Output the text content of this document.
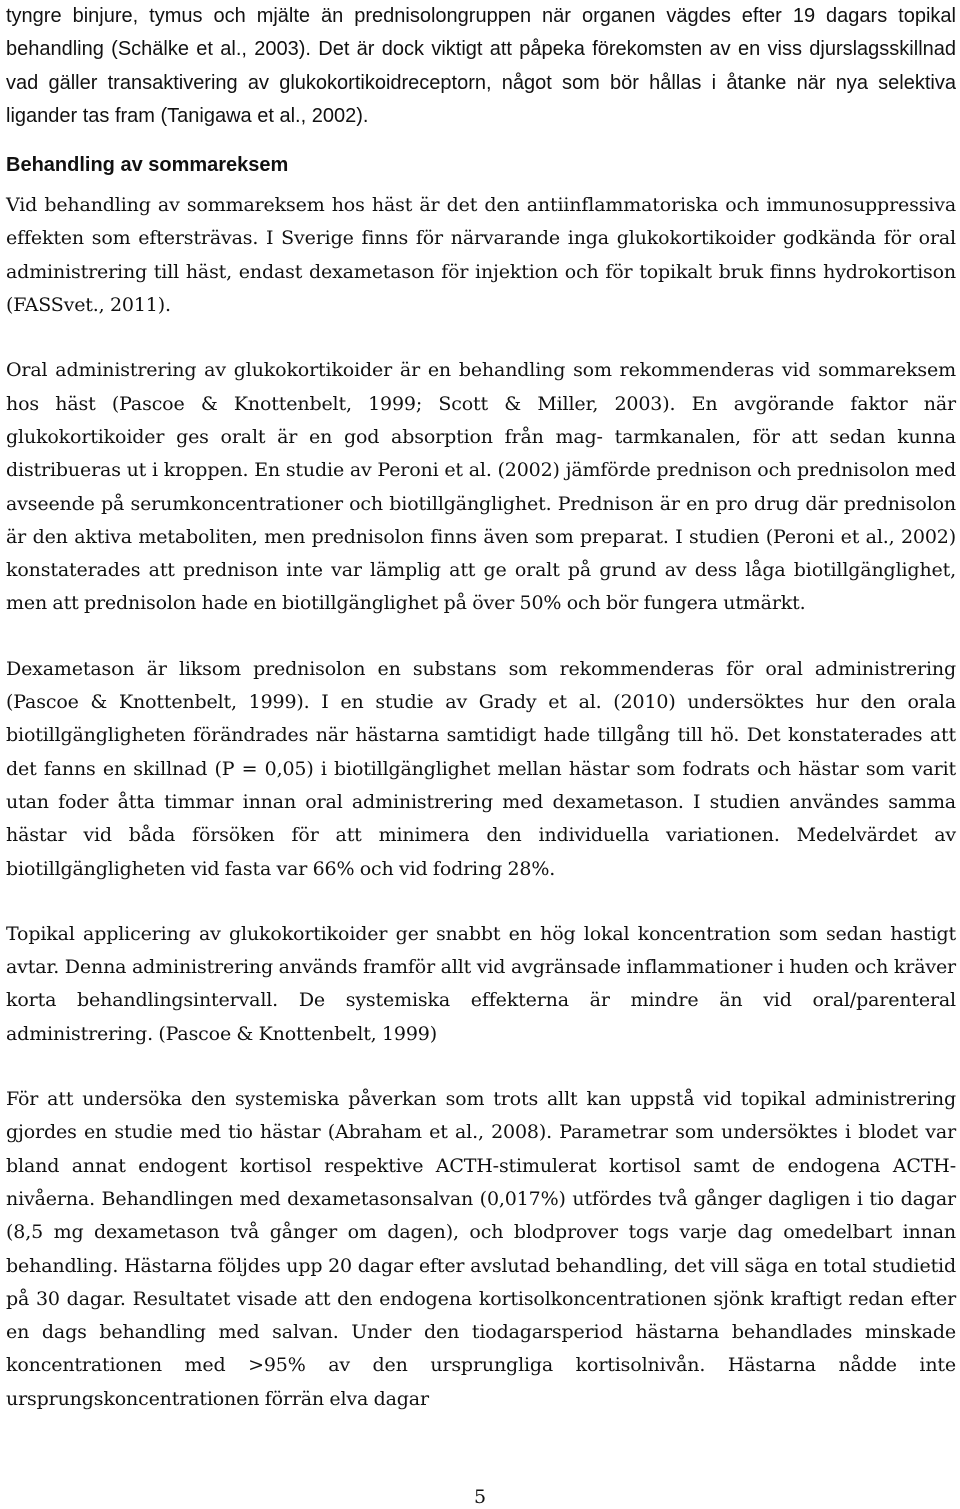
tyngre binjure, tymus och mjälte än prednisolongruppen när organen vägdes efter 19 dagars topikal behandling (Schälke et al., 2003). Det är dock viktigt att påpeka förekomsten av en viss djurslagsskillnad vad gäller transaktivering av glukokortikoidreceptorn, något som bör hållas i åtanke när nya selektiva ligander tas fram (Tanigawa et al., 2002).

Behandling av sommareksem

Vid behandling av sommareksem hos häst är det den antiinflammatoriska och immunosuppressiva effekten som eftersträvas. I Sverige finns för närvarande inga glukokortikoider godkända för oral administrering till häst, endast dexametason för injektion och för topikalt bruk finns hydrokortison (FASSvet., 2011).

Oral administrering av glukokortikoider är en behandling som rekommenderas vid sommareksem hos häst (Pascoe & Knottenbelt, 1999; Scott & Miller, 2003). En avgörande faktor när glukokortikoider ges oralt är en god absorption från mag- tarmkanalen, för att sedan kunna distribueras ut i kroppen. En studie av Peroni et al. (2002) jämförde prednison och prednisolon med avseende på serumkoncentrationer och biotillgänglighet. Prednison är en pro drug där prednisolon är den aktiva metaboliten, men prednisolon finns även som preparat. I studien (Peroni et al., 2002) konstaterades att prednison inte var lämplig att ge oralt på grund av dess låga biotillgänglighet, men att prednisolon hade en biotillgänglighet på över 50% och bör fungera utmärkt.

Dexametason är liksom prednisolon en substans som rekommenderas för oral administrering (Pascoe & Knottenbelt, 1999). I en studie av Grady et al. (2010) undersöktes hur den orala biotillgängligheten förändrades när hästarna samtidigt hade tillgång till hö. Det konstaterades att det fanns en skillnad (P = 0,05) i biotillgänglighet mellan hästar som fodrats och hästar som varit utan foder åtta timmar innan oral administrering med dexametason. I studien användes samma hästar vid båda försöken för att minimera den individuella variationen. Medelvärdet av biotillgängligheten vid fasta var 66% och vid fodring 28%.

Topikal applicering av glukokortikoider ger snabbt en hög lokal koncentration som sedan hastigt avtar. Denna administrering används framför allt vid avgränsade inflammationer i huden och kräver korta behandlingsintervall. De systemiska effekterna är mindre än vid oral/parenteral administrering. (Pascoe & Knottenbelt, 1999)

För att undersöka den systemiska påverkan som trots allt kan uppstå vid topikal administrering gjordes en studie med tio hästar (Abraham et al., 2008). Parametrar som undersöktes i blodet var bland annat endogent kortisol respektive ACTH-stimulerat kortisol samt de endogena ACTH-nivåerna. Behandlingen med dexametasonsalvan (0,017%) utfördes två gånger dagligen i tio dagar (8,5 mg dexametason två gånger om dagen), och blodprover togs varje dag omedelbart innan behandling. Hästarna följdes upp 20 dagar efter avslutad behandling, det vill säga en total studietid på 30 dagar. Resultatet visade att den endogena kortisolkoncentrationen sjönk kraftigt redan efter en dags behandling med salvan. Under den tiodagarsperiod hästarna behandlades minskade koncentrationen med >95% av den ursprungliga kortisolnivån. Hästarna nådde inte ursprungskoncentrationen förrän elva dagar

5
